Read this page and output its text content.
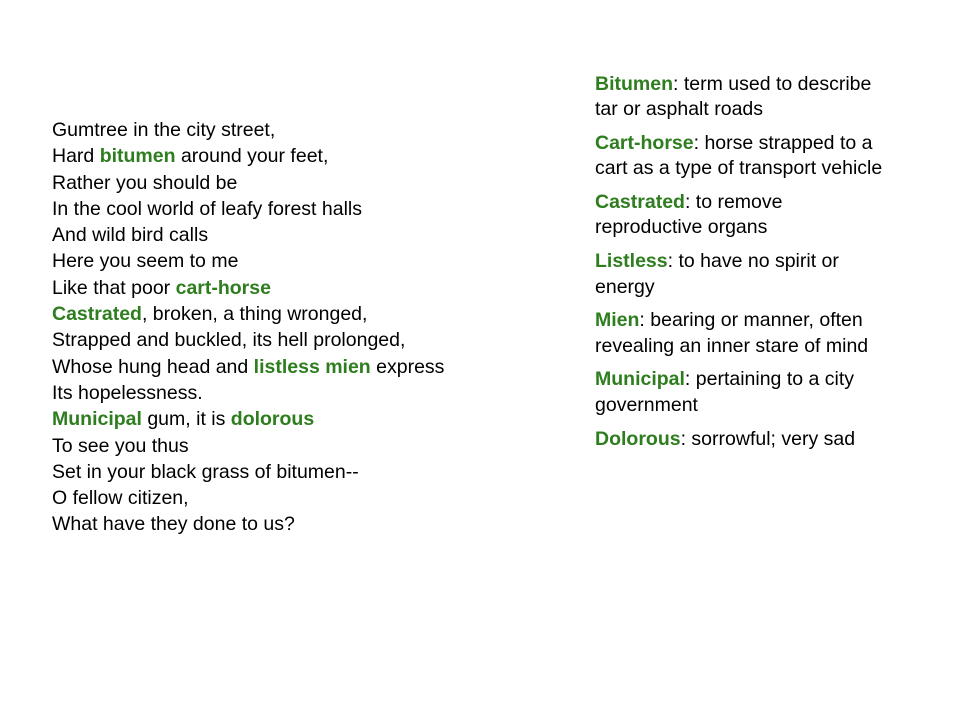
Gumtree in the city street,
Hard bitumen around your feet,
Rather you should be
In the cool world of leafy forest halls
And wild bird calls
Here you seem to me
Like that poor cart-horse
Castrated, broken, a thing wronged,
Strapped and buckled, its hell prolonged,
Whose hung head and listless mien express
Its hopelessness.
Municipal gum, it is dolorous
To see you thus
Set in your black grass of bitumen--
O fellow citizen,
What have they done to us?
Bitumen: term used to describe tar or asphalt roads
Cart-horse: horse strapped to a cart as a type of transport vehicle
Castrated: to remove reproductive organs
Listless: to have no spirit or energy
Mien: bearing or manner, often revealing an inner stare of mind
Municipal: pertaining to a city government
Dolorous: sorrowful; very sad
